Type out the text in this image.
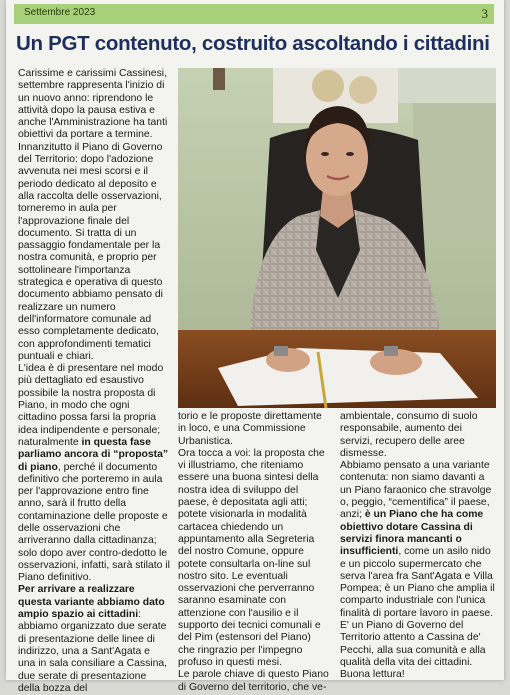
Settembre 2023	3
Un PGT contenuto, costruito ascoltando i cittadini

Carissime e carissimi Cassinesi, settembre rappresenta l'inizio di un nuovo anno: riprendono le attività dopo la pausa estiva e anche l'Amministrazione ha tanti obiettivi da portare a termine. Innanzitutto il Piano di Governo del Territorio: dopo l'adozione avvenuta nei mesi scorsi e il periodo dedicato al deposito e alla raccolta delle osservazioni, torneremo in aula per l'approvazione finale del documento. Si tratta di un passaggio fondamentale per la nostra comunità, e proprio per sottolineare l'importanza strategica e operativa di questo documento abbiamo pensato di realizzare un numero dell'informatore comunale ad esso completamente dedicato, con approfondimenti tematici puntuali e chiari.

L'idea è di presentare nel modo più dettagliato ed esaustivo possibile la nostra proposta di Piano, in modo che ogni cittadino possa farsi la propria idea indipendente e personale; naturalmente in questa fase parliamo ancora di “proposta” di piano, perché il documento definitivo che porteremo in aula per l'approvazione entro fine anno, sarà il frutto della contaminazione delle proposte e delle osservazioni che arriveranno dalla cittadinanza; solo dopo aver contro-dedotto le osservazioni, infatti, sarà stilato il Piano definitivo.

Per arrivare a realizzare questa variante abbiamo dato ampio spazio ai cittadini: abbiamo organizzato due serate di presentazione delle linee di indirizzo, una a Sant'Agata e una in sala consiliare a Cassina, due serate di presentazione della bozza del

torio e le proposte direttamente in loco, e una Commissione Urbanistica.

Ora tocca a voi: la proposta che vi illustriamo, che riteniamo essere una buona sintesi della nostra idea di sviluppo del paese, è depositata agli atti; potete visionarla in modalità cartacea chiedendo un appuntamento alla Segreteria del nostro Comune, oppure potete consultarla on-line sul nostro sito. Le eventuali osservazioni che perverranno saranno esaminate con attenzione con l'ausilio e il supporto dei tecnici comunali e del Pim (estensori del Piano) che ringrazio per l'impegno profuso in questi mesi.

Le parole chiave di questo Piano di Governo del territorio, che ve-

ambientale, consumo di suolo responsabile, aumento dei servizi, recupero delle aree dismesse.

Abbiamo pensato a una variante contenuta: non siamo davanti a un Piano faraonico che stravolge o, peggio, “cementifica” il paese, anzi; è un Piano che ha come obiettivo dotare Cassina di servizi finora mancanti o insufficienti, come un asilo nido e un piccolo supermercato che serva l'area fra Sant'Agata e Villa Pompea; è un Piano che amplia il comparto industriale con l'unica finalità di portare lavoro in paese.

E' un Piano di Governo del Territorio attento a Cassina de' Pecchi, alla sua comunità e alla qualità della vita dei cittadini.

Buona lettura!
